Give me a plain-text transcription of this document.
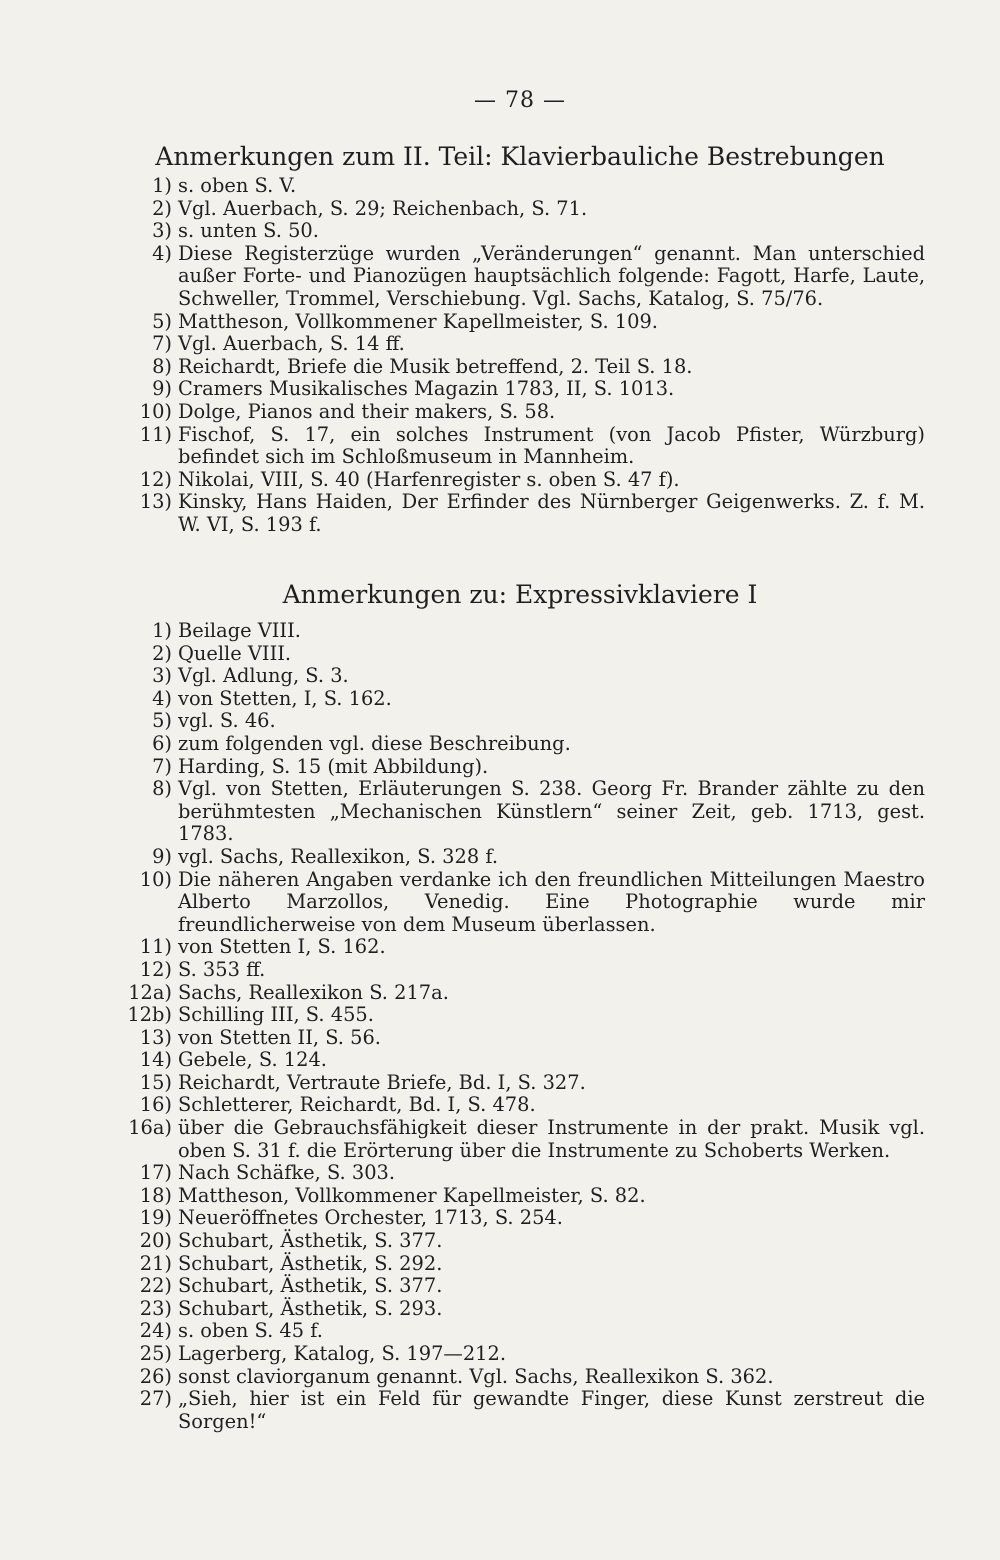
— 78 —
Anmerkungen zum II. Teil: Klavierbauliche Bestrebungen
1) s. oben S. V.
2) Vgl. Auerbach, S. 29; Reichenbach, S. 71.
3) s. unten S. 50.
4) Diese Registerzüge wurden „Veränderungen“ genannt. Man unterschied außer Forte- und Pianozügen hauptsächlich folgende: Fagott, Harfe, Laute, Schweller, Trommel, Verschiebung. Vgl. Sachs, Katalog, S. 75/76.
5) Mattheson, Vollkommener Kapellmeister, S. 109.
7) Vgl. Auerbach, S. 14 ff.
8) Reichardt, Briefe die Musik betreffend, 2. Teil S. 18.
9) Cramers Musikalisches Magazin 1783, II, S. 1013.
10) Dolge, Pianos and their makers, S. 58.
11) Fischof, S. 17, ein solches Instrument (von Jacob Pfister, Würzburg) befindet sich im Schloßmuseum in Mannheim.
12) Nikolai, VIII, S. 40 (Harfenregister s. oben S. 47 f).
13) Kinsky, Hans Haiden, Der Erfinder des Nürnberger Geigenwerks. Z. f. M. W. VI, S. 193 f.
Anmerkungen zu: Expressivklaviere I
1) Beilage VIII.
2) Quelle VIII.
3) Vgl. Adlung, S. 3.
4) von Stetten, I, S. 162.
5) vgl. S. 46.
6) zum folgenden vgl. diese Beschreibung.
7) Harding, S. 15 (mit Abbildung).
8) Vgl. von Stetten, Erläuterungen S. 238. Georg Fr. Brander zählte zu den berühmtesten „Mechanischen Künstlern“ seiner Zeit, geb. 1713, gest. 1783.
9) vgl. Sachs, Reallexikon, S. 328 f.
10) Die näheren Angaben verdanke ich den freundlichen Mitteilungen Maestro Alberto Marzollos, Venedig. Eine Photographie wurde mir freundlicherweise von dem Museum überlassen.
11) von Stetten I, S. 162.
12) S. 353 ff.
12a) Sachs, Reallexikon S. 217a.
12b) Schilling III, S. 455.
13) von Stetten II, S. 56.
14) Gebele, S. 124.
15) Reichardt, Vertraute Briefe, Bd. I, S. 327.
16) Schletterer, Reichardt, Bd. I, S. 478.
16a) über die Gebrauchsfähigkeit dieser Instrumente in der prakt. Musik vgl. oben S. 31 f. die Erörterung über die Instrumente zu Schoberts Werken.
17) Nach Schäfke, S. 303.
18) Mattheson, Vollkommener Kapellmeister, S. 82.
19) Neueröffnetes Orchester, 1713, S. 254.
20) Schubart, Ästhetik, S. 377.
21) Schubart, Ästhetik, S. 292.
22) Schubart, Ästhetik, S. 377.
23) Schubart, Ästhetik, S. 293.
24) s. oben S. 45 f.
25) Lagerberg, Katalog, S. 197—212.
26) sonst claviorganum genannt. Vgl. Sachs, Reallexikon S. 362.
27) „Sieh, hier ist ein Feld für gewandte Finger, diese Kunst zerstreut die Sorgen!“
